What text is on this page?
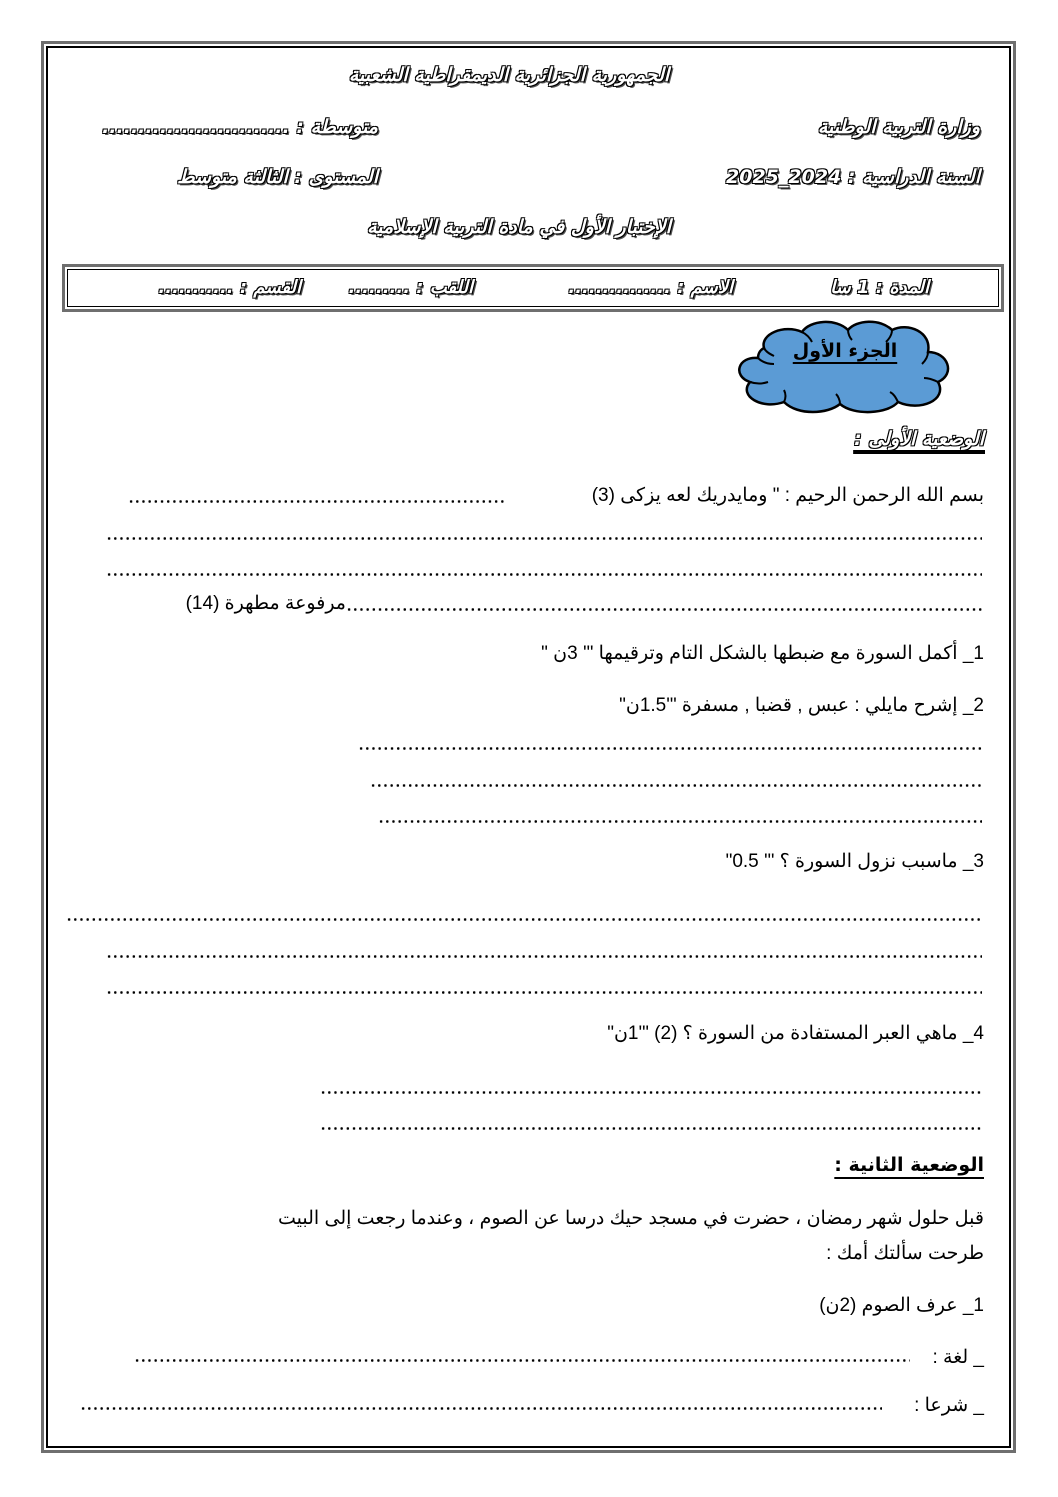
الجمهورية الجزائرية الديمقراطية الشعبية
وزارة التربية الوطنية
متوسطة : ..........................
السنة الدراسية : 2024_2025
المستوى : الثالثة متوسط
الإختبار الأول في مادة التربية الإسلامية
المدة : 1 سا
الاسم : ...............
اللقب : .........
القسم : ...........
الجزء الأول
الوضعية الأولى :
بسم الله الرحمن الرحيم : " ومايدريك لعه يزكى (3)
مرفوعة مطهرة (14)
1_ أكمل السورة مع ضبطها بالشكل التام وترقيمها "' 3ن "
2_ إشرح مايلي : عبس , قضبا , مسفرة "'1.5ن"
3_ ماسبب نزول السورة ؟ "' 0.5"
4_ ماهي العبر المستفادة من السورة ؟ (2) "'1ن"
الوضعية الثانية :
قبل حلول شهر رمضان ، حضرت في مسجد حيك درسا عن الصوم ، وعندما رجعت إلى البيت
طرحت سألتك أمك :
1_ عرف الصوم (2ن)
_ لغة :
_ شرعا :
